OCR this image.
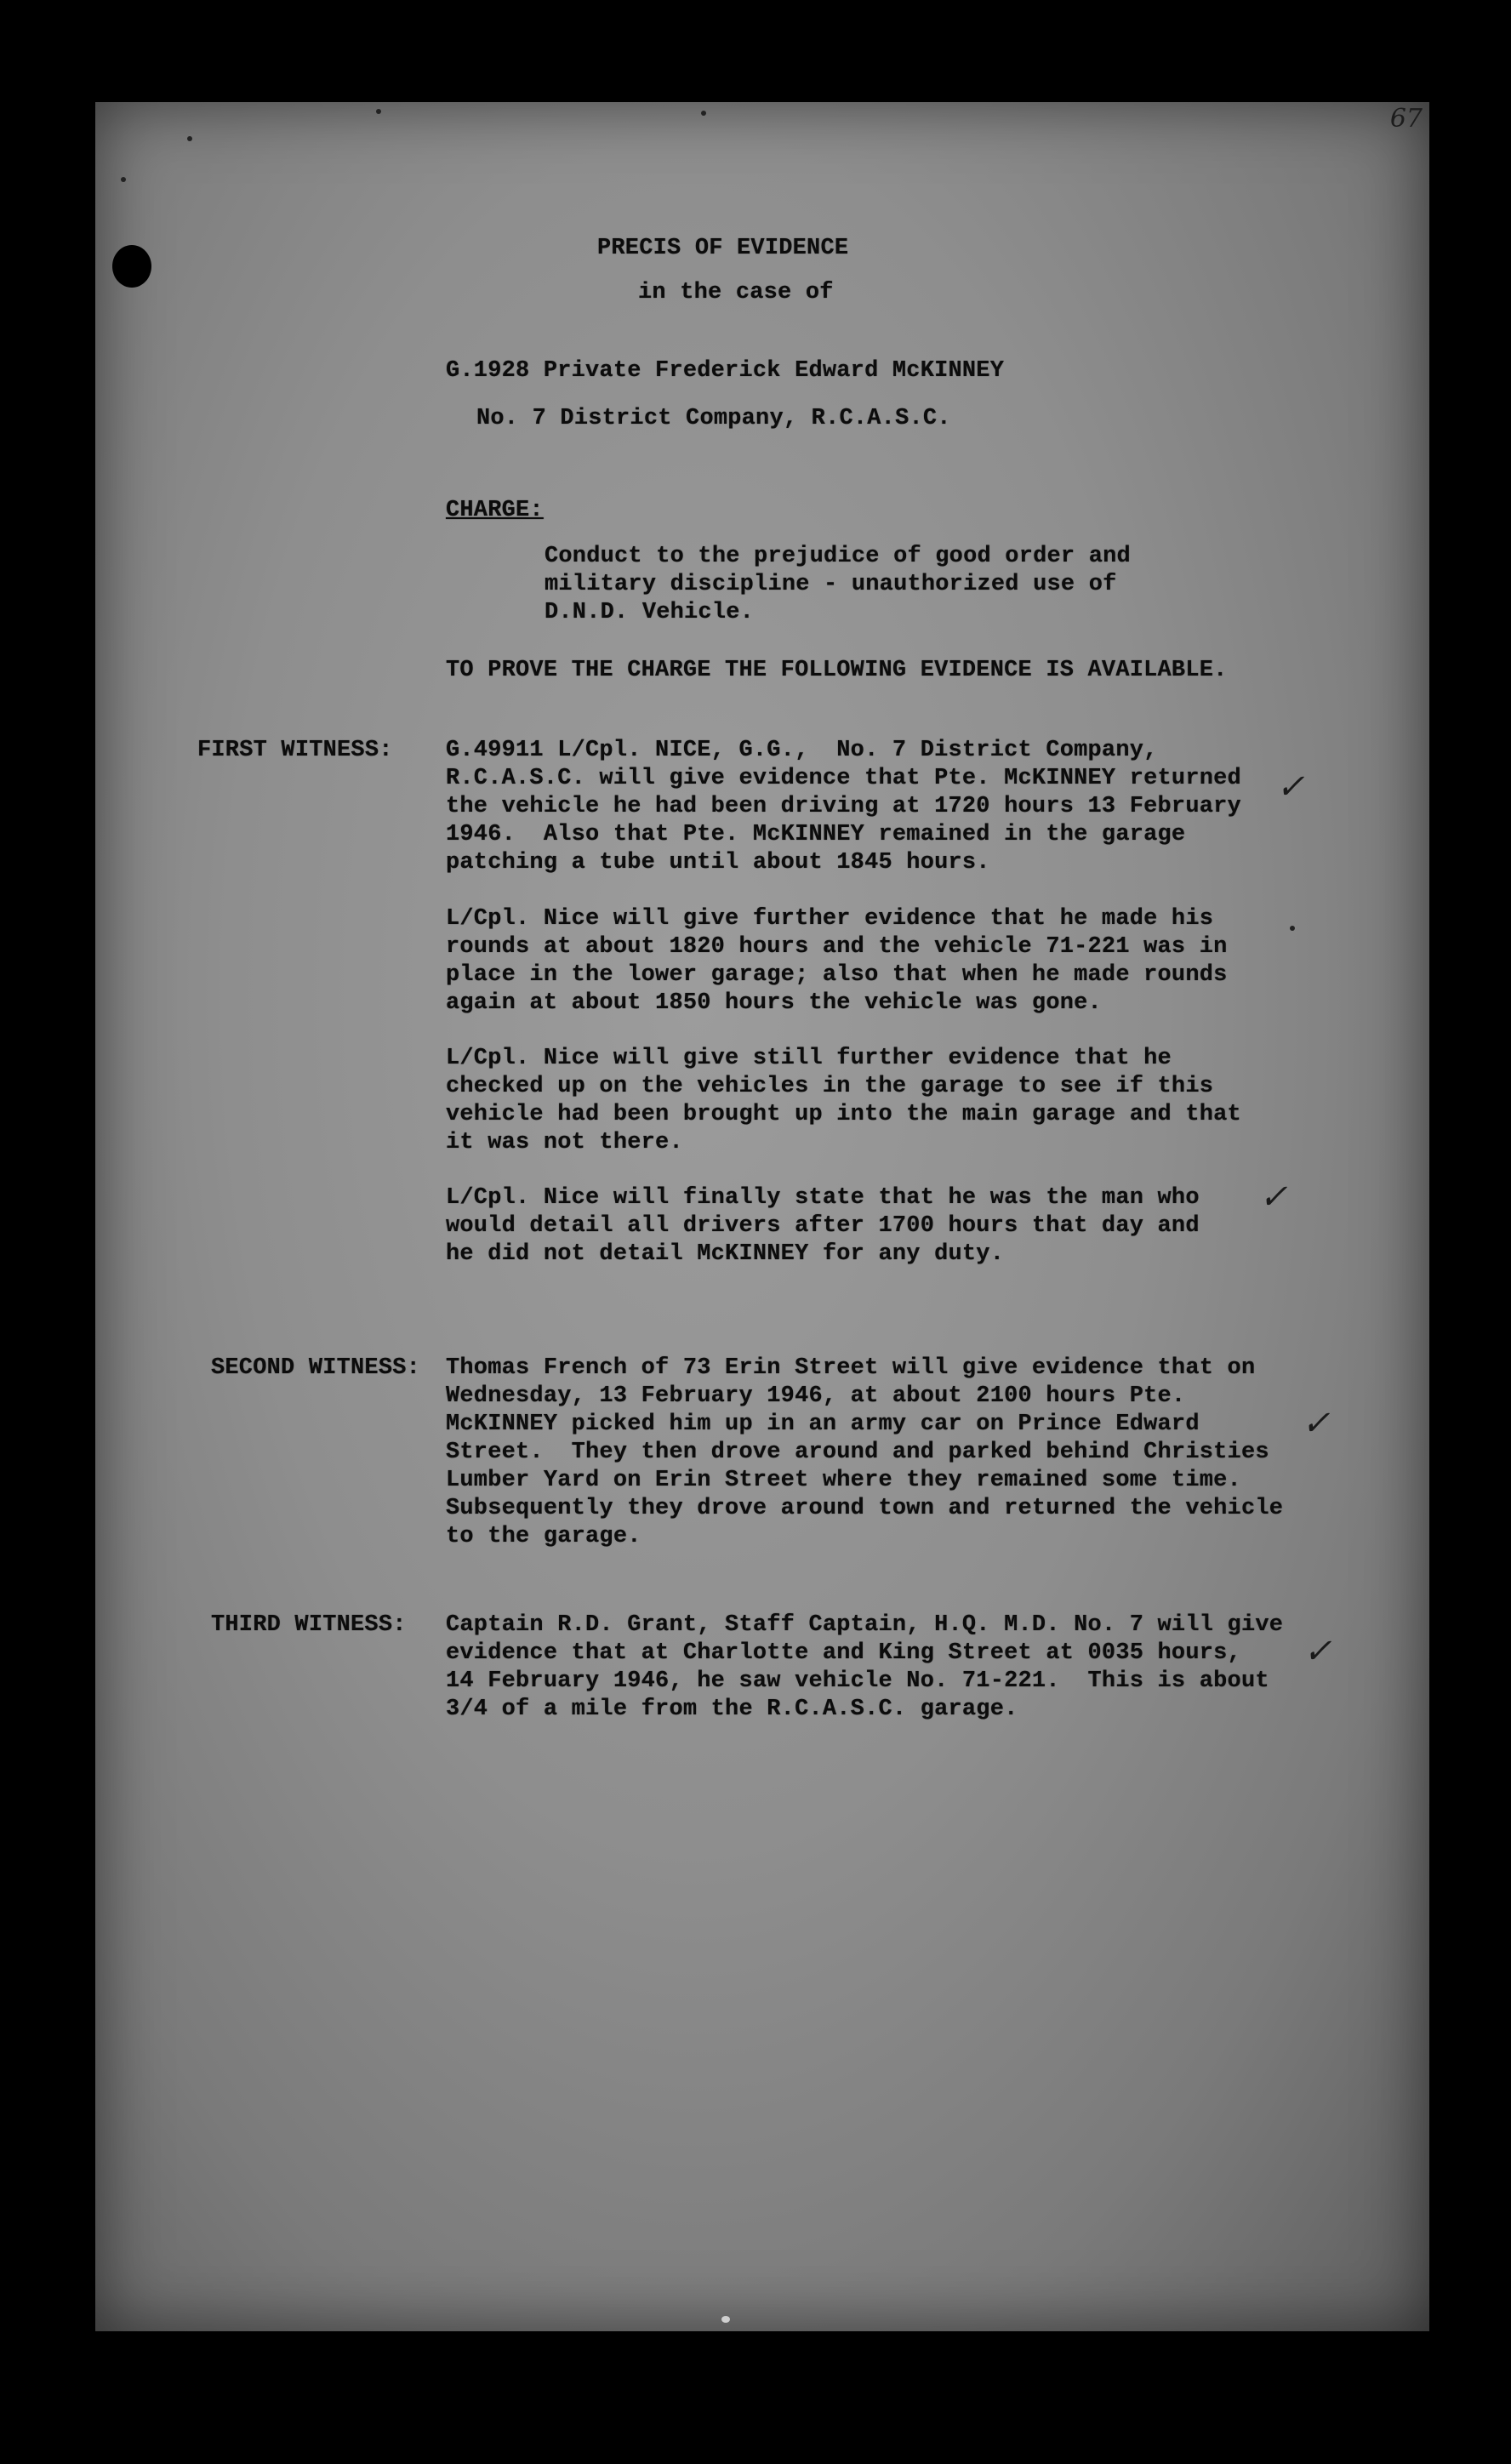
67
PRECIS OF EVIDENCE
in the case of
G.1928 Private Frederick Edward McKINNEY
No. 7 District Company, R.C.A.S.C.
CHARGE:
Conduct to the prejudice of good order and
military discipline - unauthorized use of
D.N.D. Vehicle.
TO PROVE THE CHARGE THE FOLLOWING EVIDENCE IS AVAILABLE.
FIRST WITNESS: G.49911 L/Cpl. NICE, G.G.,  No. 7 District Company,
R.C.A.S.C. will give evidence that Pte. McKINNEY returned
the vehicle he had been driving at 1720 hours 13 February
1946.  Also that Pte. McKINNEY remained in the garage
patching a tube until about 1845 hours.
✓
L/Cpl. Nice will give further evidence that he made his
rounds at about 1820 hours and the vehicle 71-221 was in
place in the lower garage; also that when he made rounds
again at about 1850 hours the vehicle was gone.
L/Cpl. Nice will give still further evidence that he
checked up on the vehicles in the garage to see if this
vehicle had been brought up into the main garage and that
it was not there.
L/Cpl. Nice will finally state that he was the man who
would detail all drivers after 1700 hours that day and
he did not detail McKINNEY for any duty.
✓
SECOND WITNESS: Thomas French of 73 Erin Street will give evidence that on
Wednesday, 13 February 1946, at about 2100 hours Pte.
McKINNEY picked him up in an army car on Prince Edward
Street.  They then drove around and parked behind Christies
Lumber Yard on Erin Street where they remained some time.
Subsequently they drove around town and returned the vehicle
to the garage.
✓
THIRD WITNESS: Captain R.D. Grant, Staff Captain, H.Q. M.D. No. 7 will give
evidence that at Charlotte and King Street at 0035 hours,
14 February 1946, he saw vehicle No. 71-221.  This is about
3/4 of a mile from the R.C.A.S.C. garage.
✓
